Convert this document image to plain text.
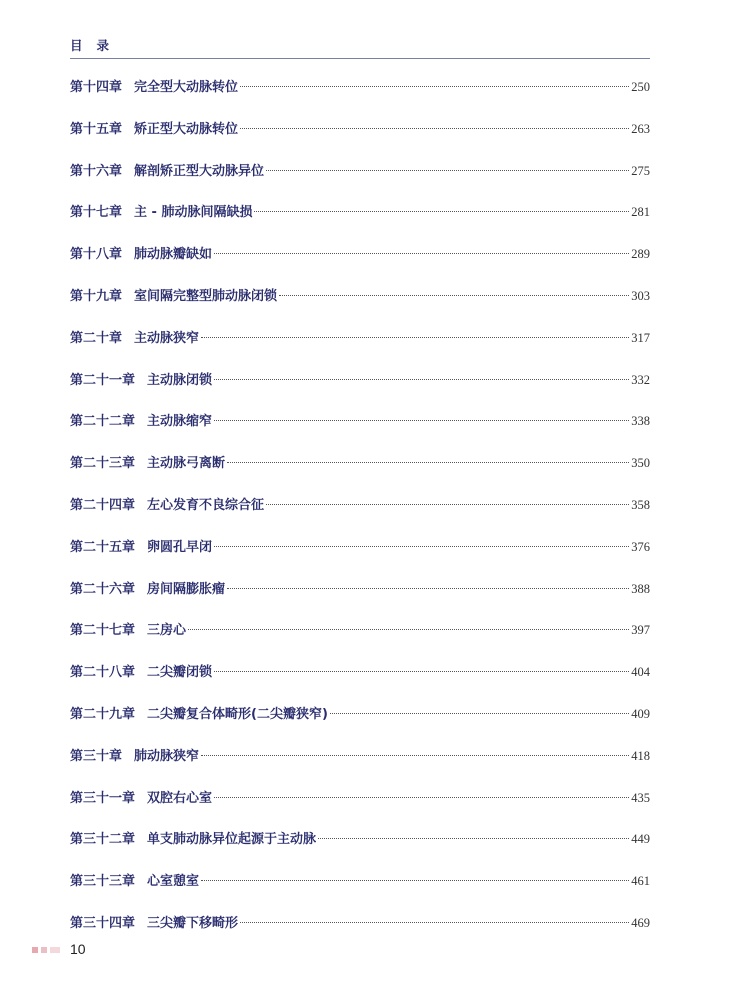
目录
第十四章 完全型大动脉转位	250
第十五章 矫正型大动脉转位	263
第十六章 解剖矫正型大动脉异位	275
第十七章 主 - 肺动脉间隔缺损	281
第十八章 肺动脉瓣缺如	289
第十九章 室间隔完整型肺动脉闭锁	303
第二十章 主动脉狭窄	317
第二十一章 主动脉闭锁	332
第二十二章 主动脉缩窄	338
第二十三章 主动脉弓离断	350
第二十四章 左心发育不良综合征	358
第二十五章 卵圆孔早闭	376
第二十六章 房间隔膨胀瘤	388
第二十七章 三房心	397
第二十八章 二尖瓣闭锁	404
第二十九章 二尖瓣复合体畸形(二尖瓣狭窄)	409
第三十章 肺动脉狭窄	418
第三十一章 双腔右心室	435
第三十二章 单支肺动脉异位起源于主动脉	449
第三十三章 心室憩室	461
第三十四章 三尖瓣下移畸形	469
10
